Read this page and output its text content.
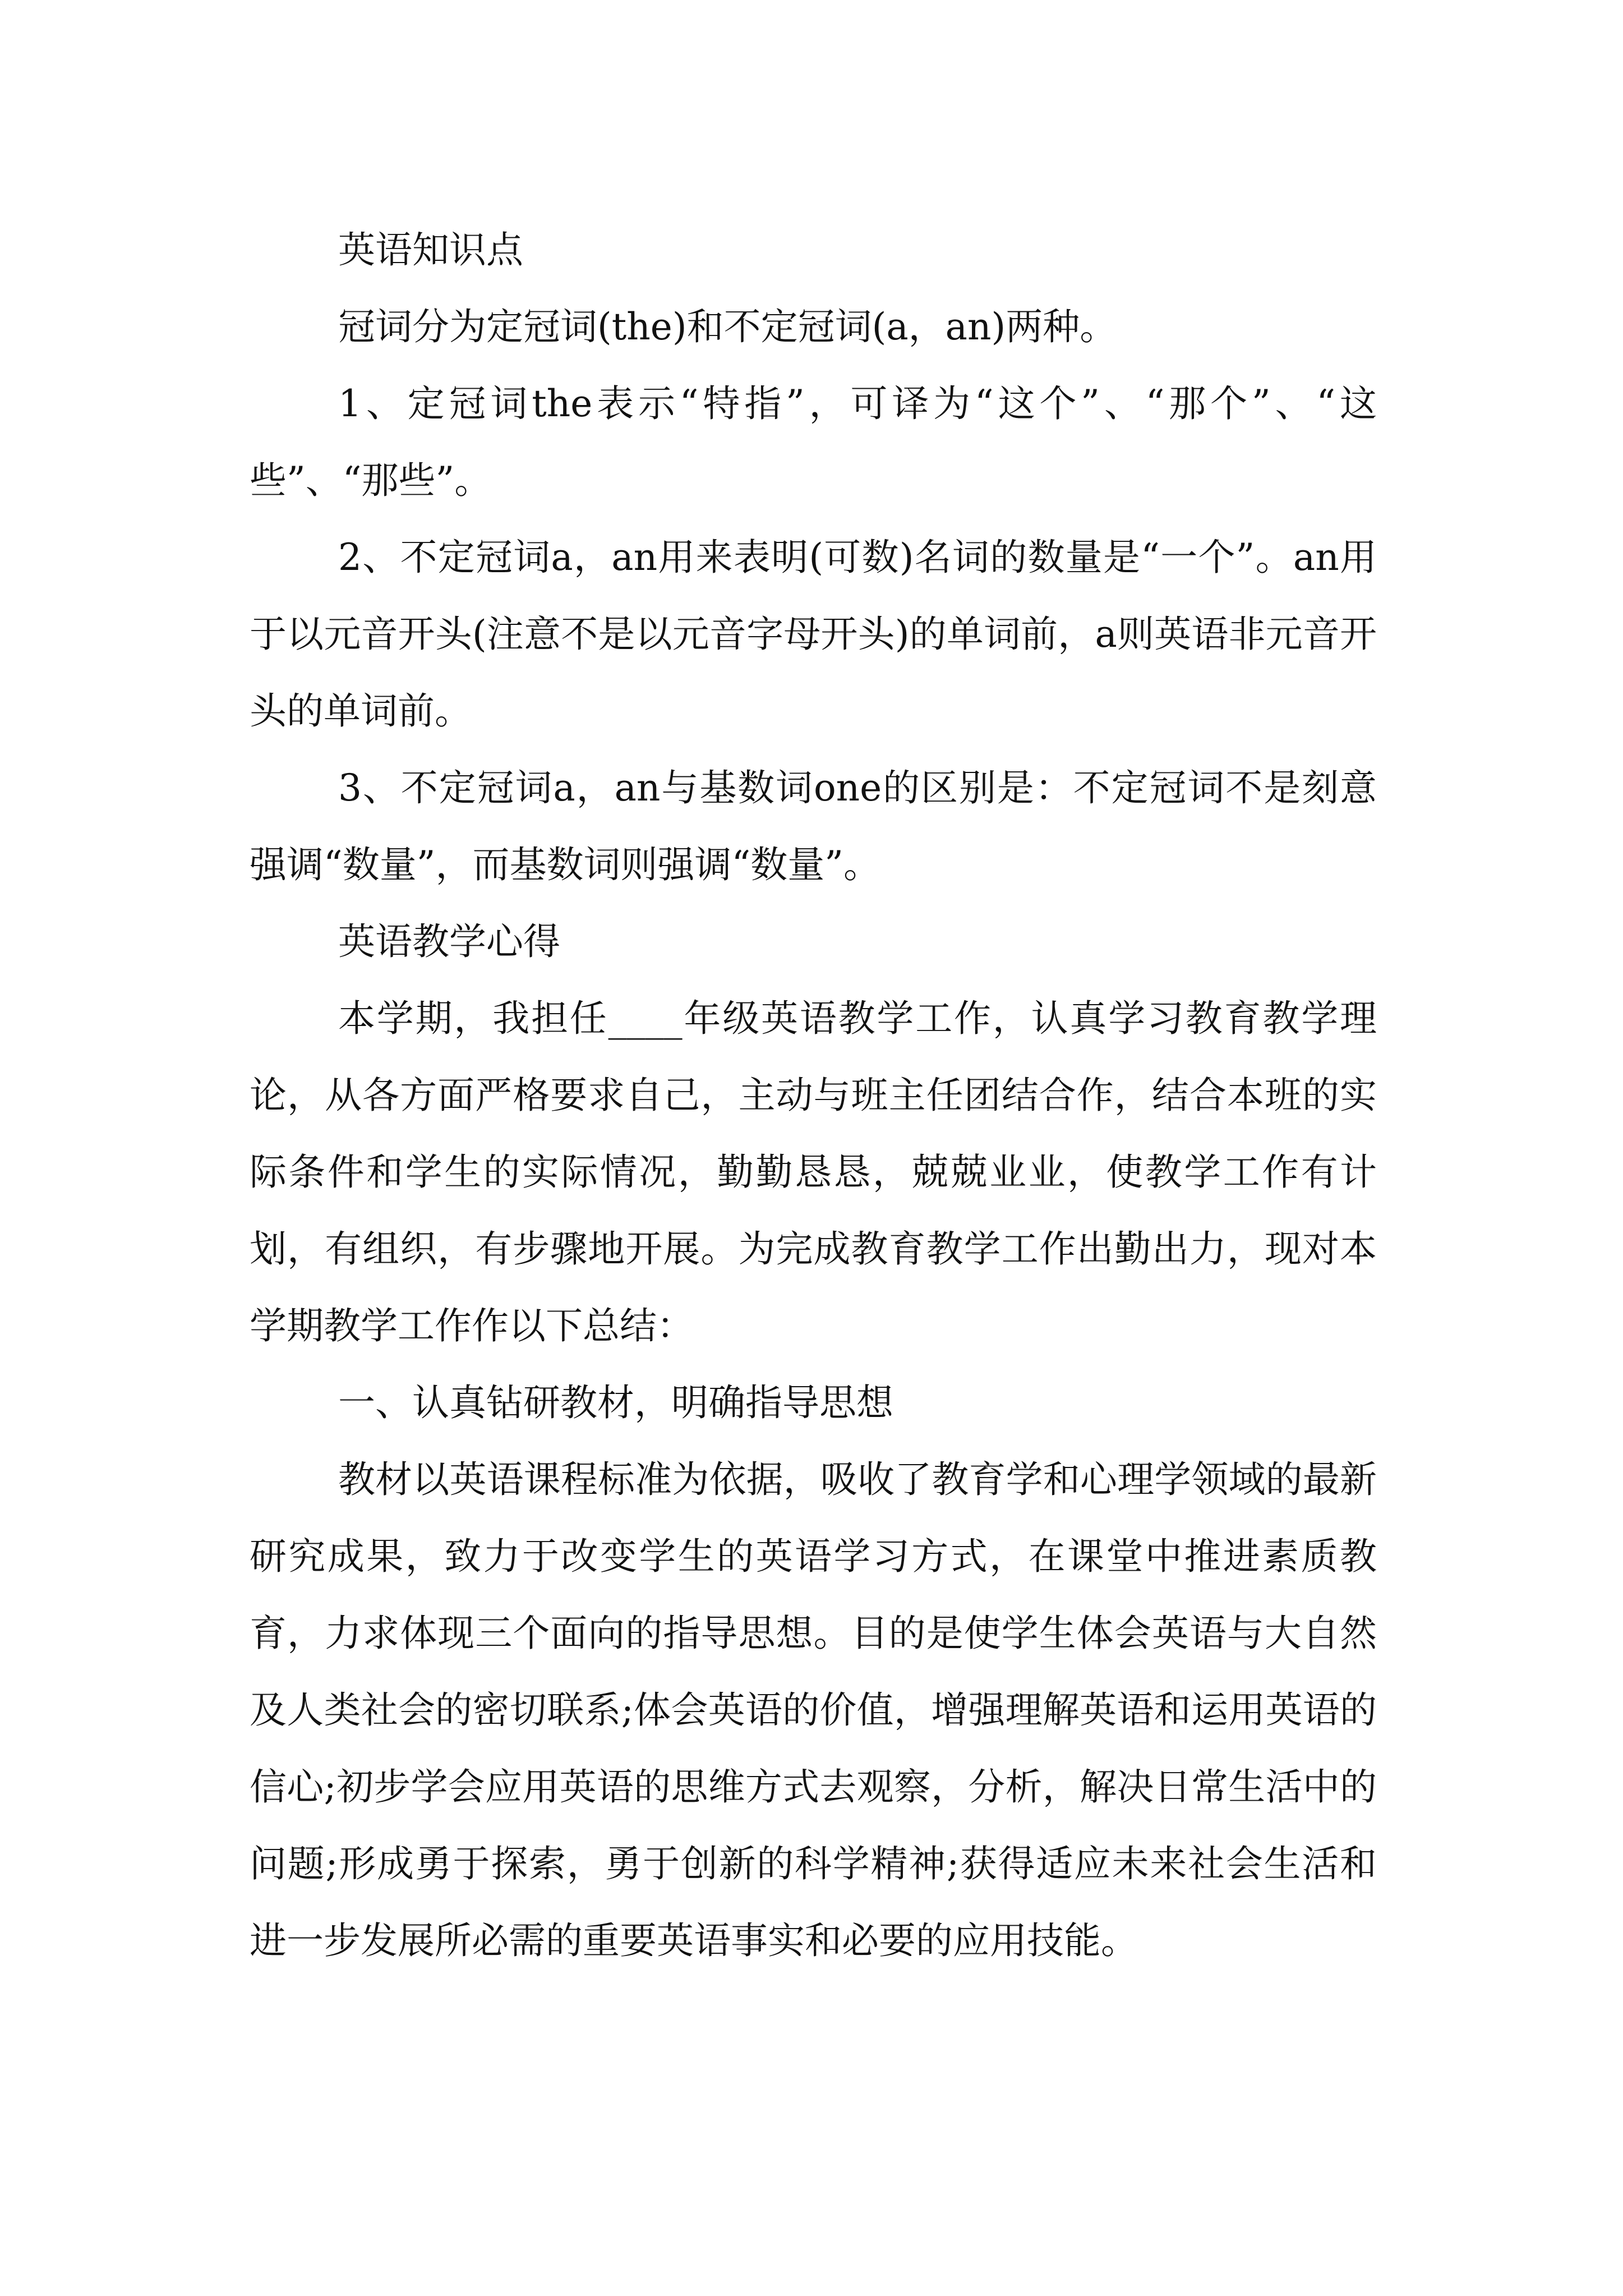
英语知识点

冠词分为定冠词(the)和不定冠词(a，an)两种。

1、定冠词the表示“特指”，可译为“这个”、“那个”、“这些”、“那些”。

2、不定冠词a，an用来表明(可数)名词的数量是“一个”。an用于以元音开头(注意不是以元音字母开头)的单词前，a则英语非元音开头的单词前。

3、不定冠词a，an与基数词one的区别是：不定冠词不是刻意强调“数量”，而基数词则强调“数量”。

英语教学心得

本学期，我担任____年级英语教学工作，认真学习教育教学理论，从各方面严格要求自己，主动与班主任团结合作，结合本班的实际条件和学生的实际情况，勤勤恳恳，兢兢业业，使教学工作有计划，有组织，有步骤地开展。为完成教育教学工作出勤出力，现对本学期教学工作作以下总结：

一、认真钻研教材，明确指导思想

教材以英语课程标准为依据，吸收了教育学和心理学领域的最新研究成果，致力于改变学生的英语学习方式，在课堂中推进素质教育，力求体现三个面向的指导思想。目的是使学生体会英语与大自然及人类社会的密切联系;体会英语的价值，增强理解英语和运用英语的信心;初步学会应用英语的思维方式去观察，分析，解决日常生活中的问题;形成勇于探索，勇于创新的科学精神;获得适应未来社会生活和进一步发展所必需的重要英语事实和必要的应用技能。
